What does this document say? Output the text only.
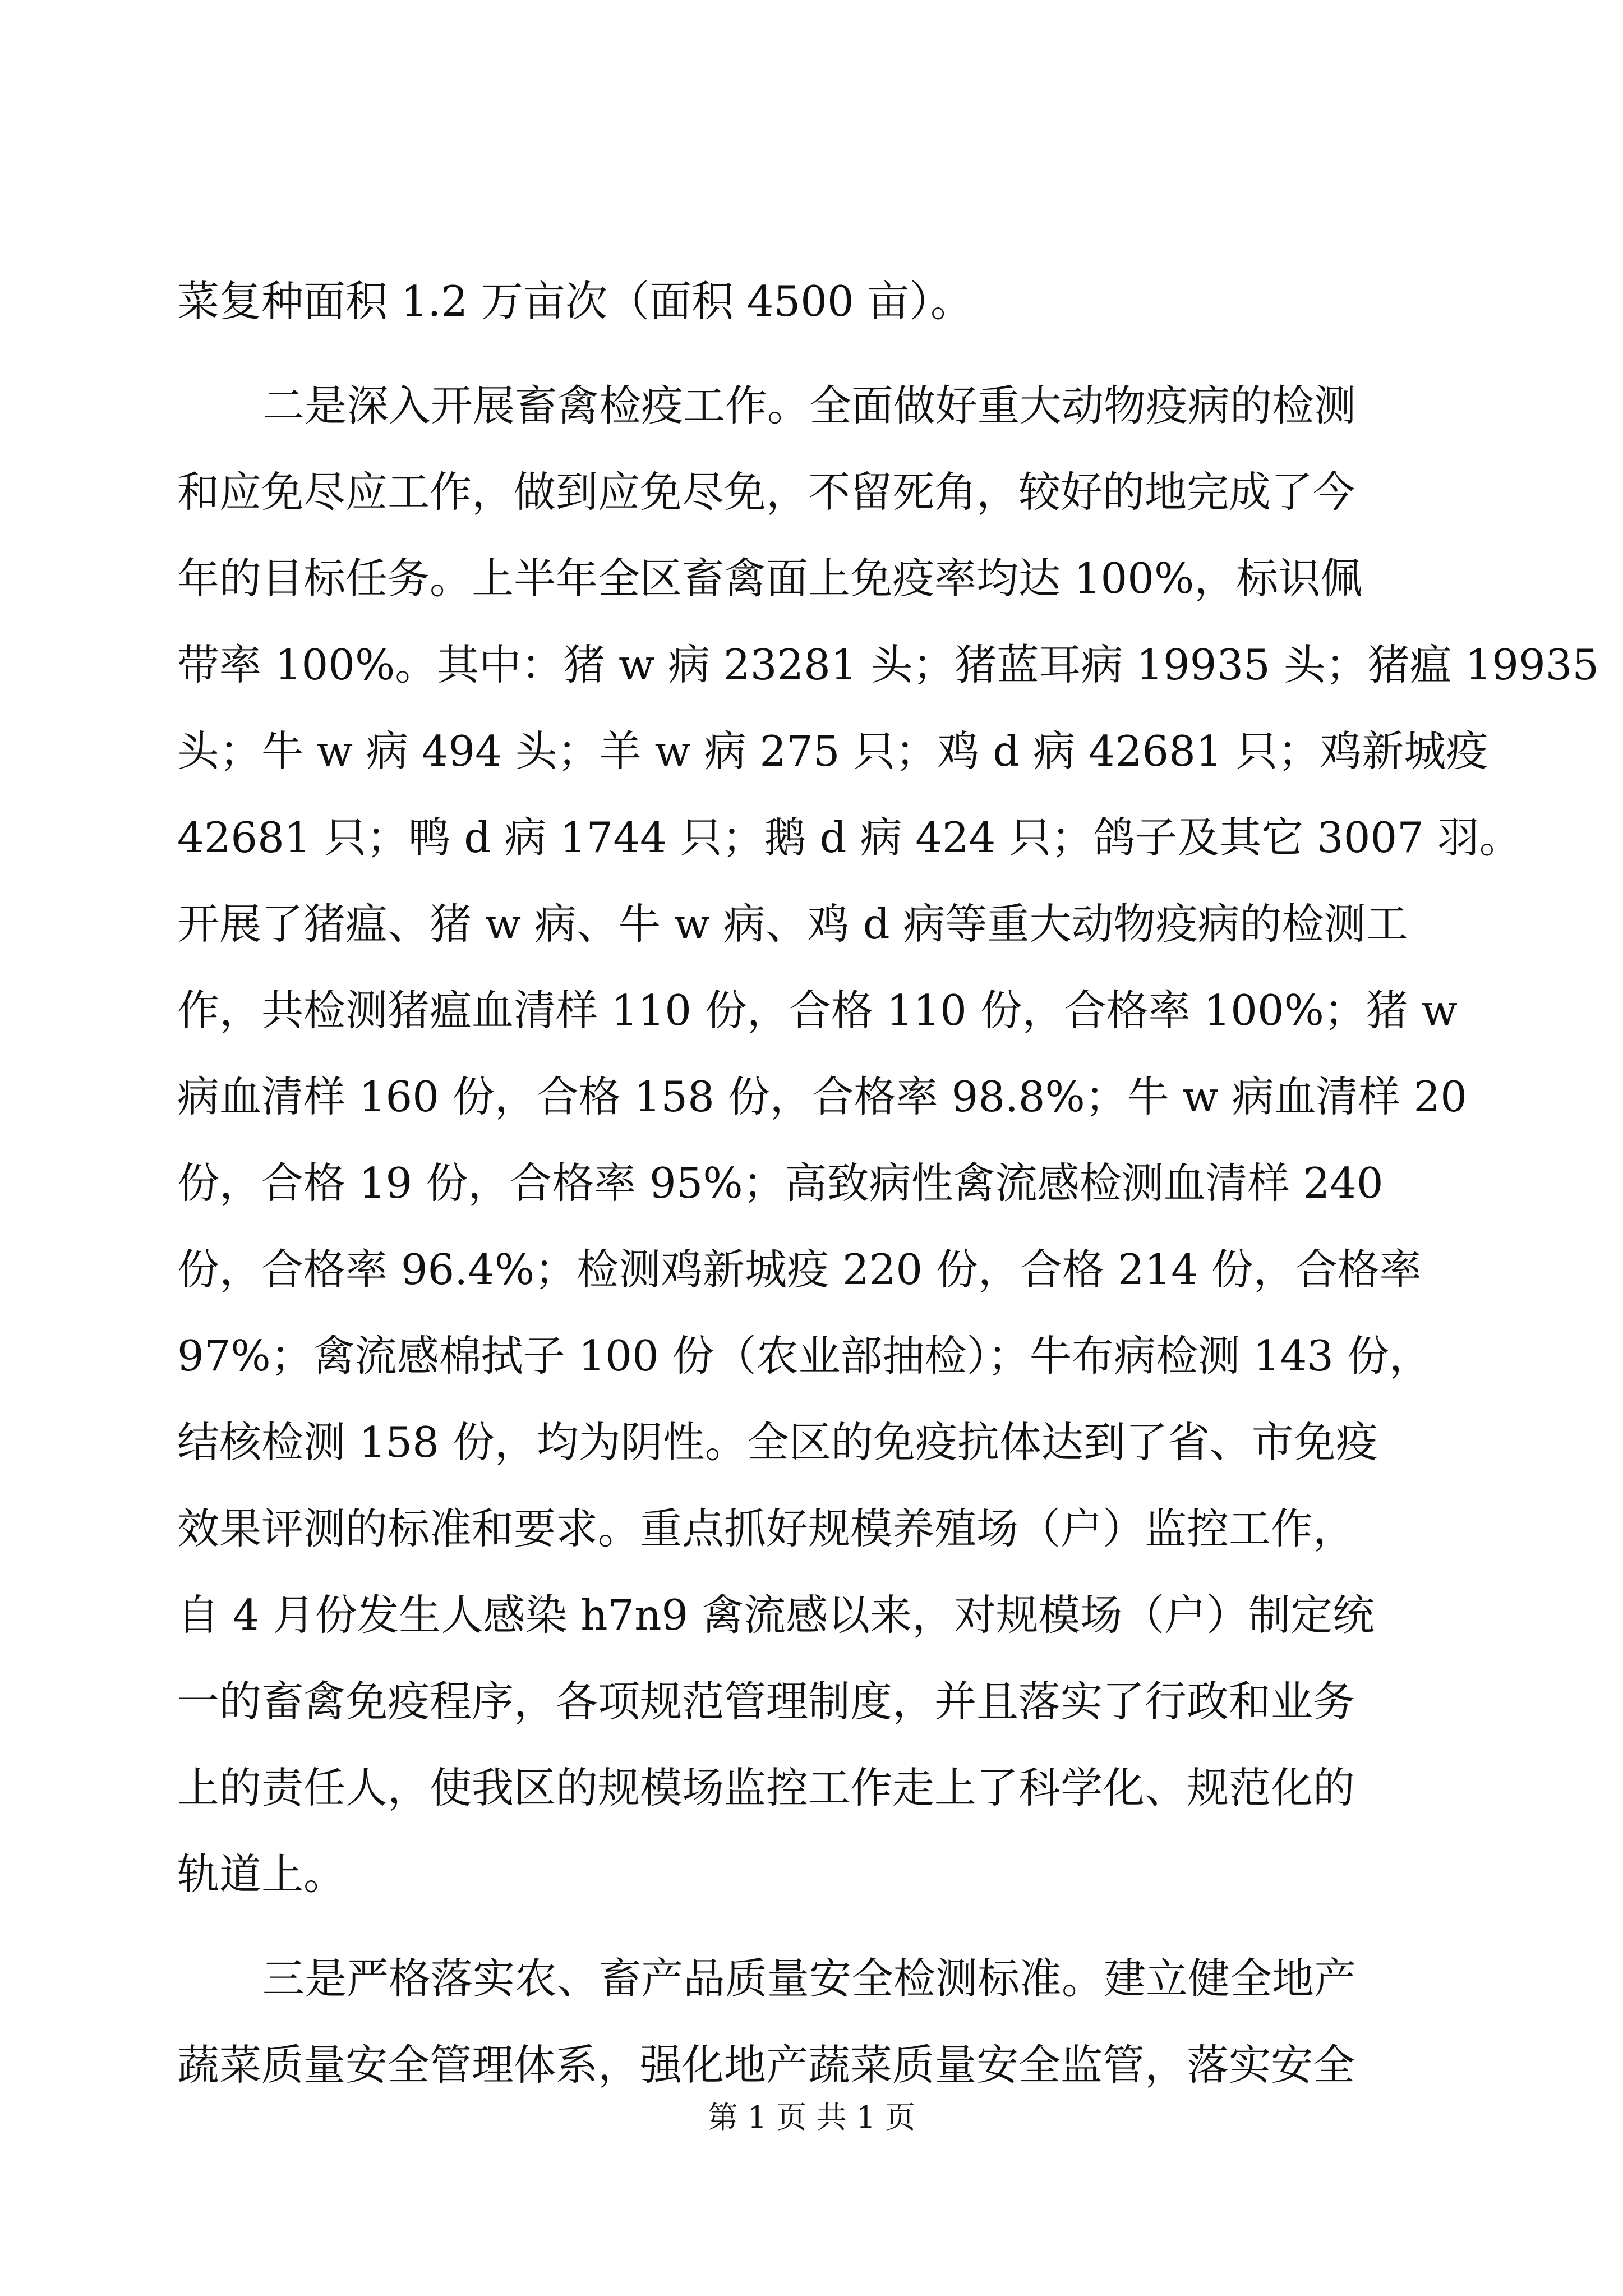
菜复种面积 1.2 万亩次（面积 4500 亩）。
二是深入开展畜禽检疫工作。全面做好重大动物疫病的检测
和应免尽应工作，做到应免尽免，不留死角，较好的地完成了今
年的目标任务。上半年全区畜禽面上免疫率均达 100%，标识佩
带率 100%。其中：猪 w 病 23281 头；猪蓝耳病 19935 头；猪瘟 19935
头；牛 w 病 494 头；羊 w 病 275 只；鸡 d 病 42681 只；鸡新城疫
42681 只；鸭 d 病 1744 只；鹅 d 病 424 只；鸽子及其它 3007 羽。
开展了猪瘟、猪 w 病、牛 w 病、鸡 d 病等重大动物疫病的检测工
作，共检测猪瘟血清样 110 份，合格 110 份，合格率 100%；猪 w
病血清样 160 份，合格 158 份，合格率 98.8%；牛 w 病血清样 20
份，合格 19 份，合格率 95%；高致病性禽流感检测血清样 240
份，合格率 96.4%；检测鸡新城疫 220 份，合格 214 份，合格率
97%；禽流感棉拭子 100 份（农业部抽检）；牛布病检测 143 份，
结核检测 158 份，均为阴性。全区的免疫抗体达到了省、市免疫
效果评测的标准和要求。重点抓好规模养殖场（户）监控工作，
自 4 月份发生人感染 h7n9 禽流感以来，对规模场（户）制定统
一的畜禽免疫程序，各项规范管理制度，并且落实了行政和业务
上的责任人，使我区的规模场监控工作走上了科学化、规范化的
轨道上。
三是严格落实农、畜产品质量安全检测标准。建立健全地产
蔬菜质量安全管理体系，强化地产蔬菜质量安全监管，落实安全
第 1 页 共 1 页
